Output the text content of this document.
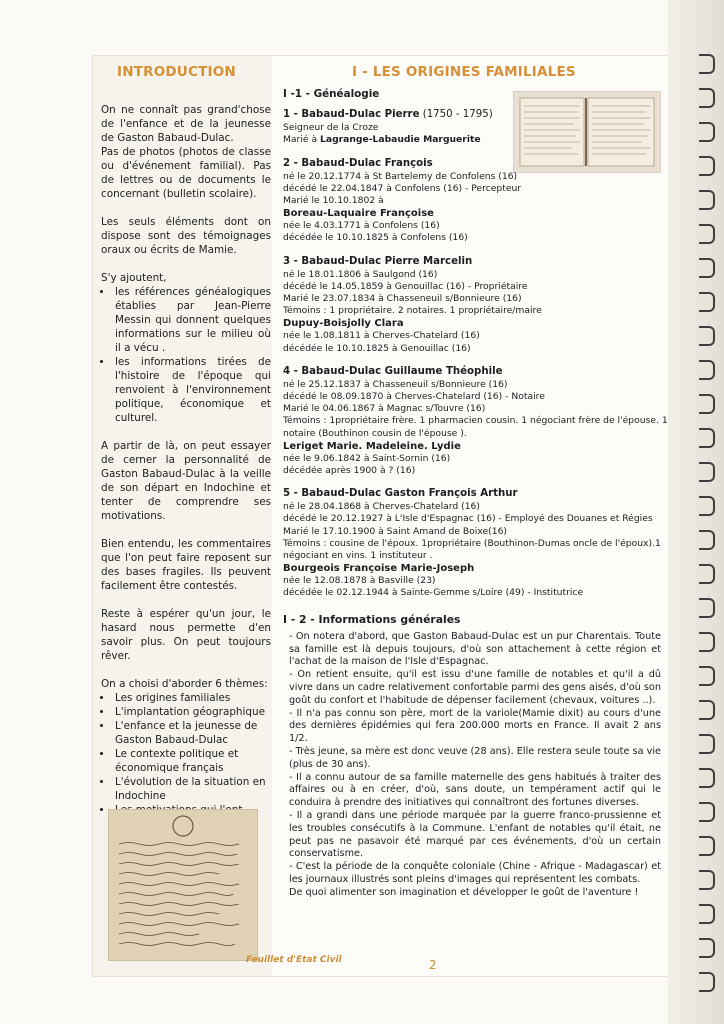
INTRODUCTION	I - LES ORIGINES FAMILIALES

On ne connaît pas grand'chose de l'enfance et de la jeunesse de Gaston Babaud-Dulac.

Pas de photos (photos de classe ou d'événement familial). Pas de lettres ou de documents le concernant (bulletin scolaire).

Les seuls éléments dont on dispose sont des témoignages oraux ou écrits de Mamie.

S'y ajoutent,
• les références généalogiques établies par Jean-Pierre Messin qui donnent quelques informations sur le milieu où il a vécu .
• les informations tirées de l'histoire de l'époque qui renvoient à l'environnement politique, économique et culturel.

A partir de là, on peut essayer de cerner la personnalité de Gaston Babaud-Dulac à la veille de son départ en Indochine et tenter de comprendre ses motivations.

Bien entendu, les commentaires que l'on peut faire reposent sur des bases fragiles. Ils peuvent facilement être contestés.

Reste à espérer qu'un jour, le hasard nous permette d'en savoir plus. On peut toujours rêver.

On a choisi d'aborder 6 thèmes:
• Les origines familiales
• L'implantation géographique
• L'enfance et la jeunesse de Gaston Babaud-Dulac
• Le contexte politique et économique français
• L'évolution de la situation en Indochine
•
I -1 - Généalogie
1 - Babaud-Dulac Pierre (1750 - 1795)
Seigneur de la Croze
Marié à Lagrange-Labaudie Marguerite
2 - Babaud-Dulac François
né le 20.12.1774 à St Bartelemy de Confolens (16)
décédé le 22.04.1847 à Confolens (16) - Percepteur
Marié le 10.10.1802 à
Boreau-Laquaire Françoise
née le 4.03.1771 à Confolens (16)
décédée le 10.10.1825 à Confolens (16)
3 - Babaud-Dulac Pierre Marcelin
né le 18.01.1806 à Saulgond (16)
décédé le 14.05.1859 à Genouillac (16) - Propriétaire
Marié le 23.07.1834 à Chasseneuil s/Bonnieure (16)
Témoins : 1 propriétaire. 2 notaires. 1 propriétaire/maire
Dupuy-Boisjolly Clara
née le 1.08.1811 à Cherves-Chatelard (16)
décédée le 10.10.1825 à Genouillac (16)
4 - Babaud-Dulac Guillaume Théophile
né le 25.12.1837 à Chasseneuil s/Bonnieure (16)
décédé le 08.09.1870 à Cherves-Chatelard (16) - Notaire
Marié le 04.06.1867 à Magnac s/Touvre (16)
Témoins : 1propriétaire frère. 1 pharmacien cousin. 1 négociant frère de l'épouse. 1
notaire (Bouthinon cousin de l'épouse ).
Leriget Marie. Madeleine. Lydie
née le 9.06.1842 à Saint-Sornin (16)
décédée après 1900 à ? (16)
5 - Babaud-Dulac Gaston François Arthur
né le 28.04.1868 à Cherves-Chatelard (16)
décédé le 20.12.1927 à L'Isle d'Espagnac (16) - Employé des Douanes et Régies
Marié le 17.10.1900 à Saint Amand de Boixe(16)
Témoins : cousine de l'époux. 1propriétaire (Bouthinon-Dumas oncle de l'époux).1
négociant en vins. 1 instituteur .
Bourgeois Françoise Marie-Joseph
née le 12.08.1878 à Basville (23)
décédée le 02.12.1944 à Sainte-Gemme s/Loire (49) - Institutrice
I - 2 - Informations générales

- On notera d'abord, que Gaston Babaud-Dulac est un pur Charentais. Toute sa famille est là depuis toujours, d'où son attachement à cette région et l'achat de la maison de l'Isle d'Espagnac.

- On retient ensuite, qu'il est issu d'une famille de notables et qu'il a dû vivre dans un cadre relativement confortable parmi des gens aisés, d'où son goût du confort et l'habitude de dépenser facilement (chevaux, voitures ..).

- Il n'a pas connu son père, mort de la variole(Mamie dixit) au cours d'une des dernières épidémies qui fera 200.000 morts en France. Il avait 2 ans 1/2.

- Très jeune, sa mère est donc veuve (28 ans). Elle restera seule toute sa vie (plus de 30 ans).

- Il a connu autour de sa famille maternelle des gens habitués à traiter des affaires ou à en créer, d'où, sans doute, un tempérament actif qui le conduira à prendre des initiatives qui connaîtront des fortunes diverses.

- Il a grandi dans une période marquée par la guerre franco-prussienne et les troubles consécutifs à la Commune. L'enfant de notables qu'il était, ne peut pas ne pasavoir été marqué par ces événements, d'où un certain conservatisme.

- C'est la période de la conquête coloniale (Chine - Afrique - Madagascar) et les journaux illustrés sont pleins d'images qui représentent les combats.

De quoi alimenter son imagination et développer le goût de l'aventure !

Feuillet d'Etat Civil	2
